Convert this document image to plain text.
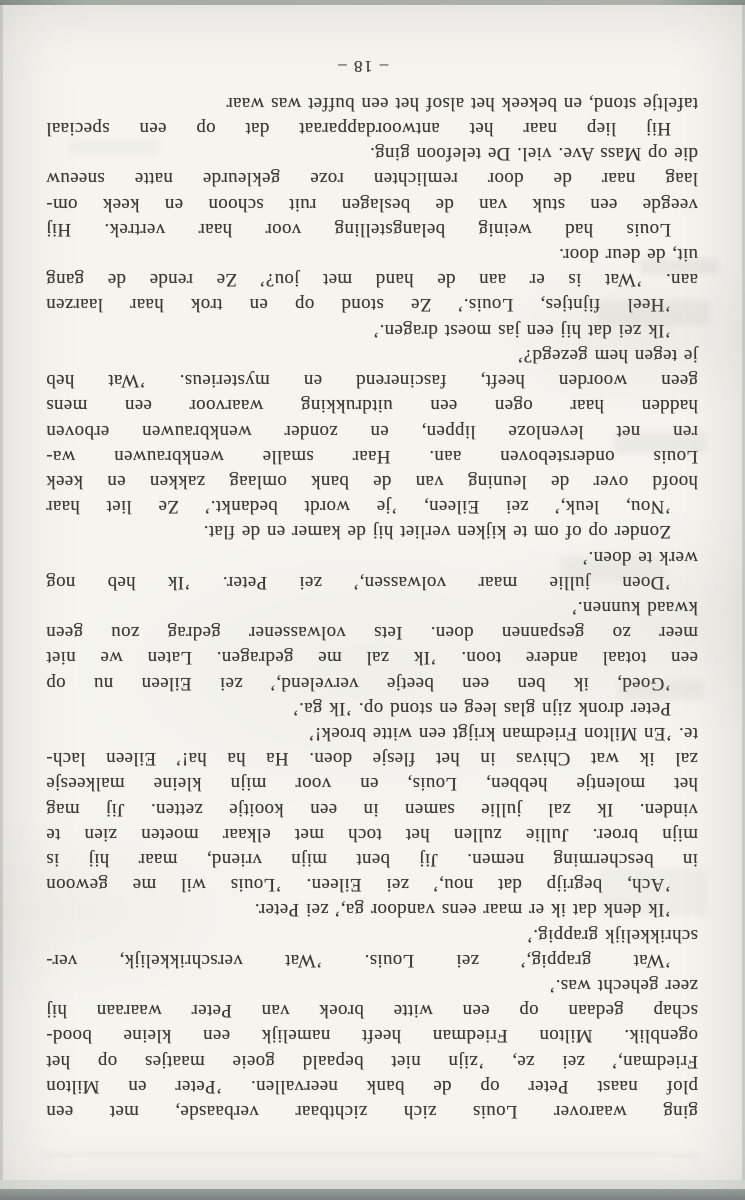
ging waarover Louis zich zichtbaar verbaasde, met een
plof naast Peter op de bank neervallen. ’Peter en Milton
Friedman,’ zei ze, ’zijn niet bepaald goeie maatjes op het
ogenblik. Milton Friedman heeft namelijk een kleine bood-
schap gedaan op een witte broek van Peter waaraan hij
zeer gehecht was.’
’Wat grappig,’ zei Louis. ’Wat verschrikkelijk, ver-
schrikkelijk grappig.’
’Ik denk dat ik er maar eens vandoor ga,’ zei Peter.
’Ach, begrijp dat nou,’ zei Eileen. ’Louis wil me gewoon
in bescherming nemen. Jij bent mijn vriend, maar hij is
mijn broer. Jullie zullen het toch met elkaar moeten zien te
vinden. Ik zal jullie samen in een kooitje zetten. Jij mag
het molentje hebben, Louis, en voor mijn kleine malkeesje
zal ik wat Chivas in het flesje doen. Ha ha ha!’ Eileen lach-
te. ’En Milton Friedman krijgt een witte broek!’
Peter dronk zijn glas leeg en stond op. ’Ik ga.’
’Goed, ik ben een beetje vervelend,’ zei Eileen nu op
een totaal andere toon. ’Ik zal me gedragen. Laten we niet
meer zo gespannen doen. Iets volwassener gedrag zou geen
kwaad kunnen.’
’Doen jullie maar volwassen,’ zei Peter. ’Ik heb nog
werk te doen.’
Zonder op of om te kijken verliet hij de kamer en de flat.
’Nou, leuk,’ zei Eileen, ’je wordt bedankt.’ Ze liet haar
hoofd over de leuning van de bank omlaag zakken en keek
Louis ondersteboven aan. Haar smalle wenkbrauwen wa-
ren net levenloze lippen, en zonder wenkbrauwen erboven
hadden haar ogen een uitdrukking waarvoor een mens
geen woorden heeft, fascinerend en mysterieus. ’Wat heb
je tegen hem gezegd?’
’Ik zei dat hij een jas moest dragen.’
’Heel fijntjes, Louis.’ Ze stond op en trok haar laarzen
aan. ’Wat is er aan de hand met jou?’ Ze rende de gang
uit, de deur door.
Louis had weinig belangstelling voor haar vertrek. Hij
veegde een stuk van de beslagen ruit schoon en keek om-
laag naar de door remlichten roze gekleurde natte sneeuw
die op Mass Ave. viel. De telefoon ging.
Hij liep naar het antwoordapparaat dat op een speciaal
tafeltje stond, en bekeek het alsof het een buffet was waar
– 18 –
